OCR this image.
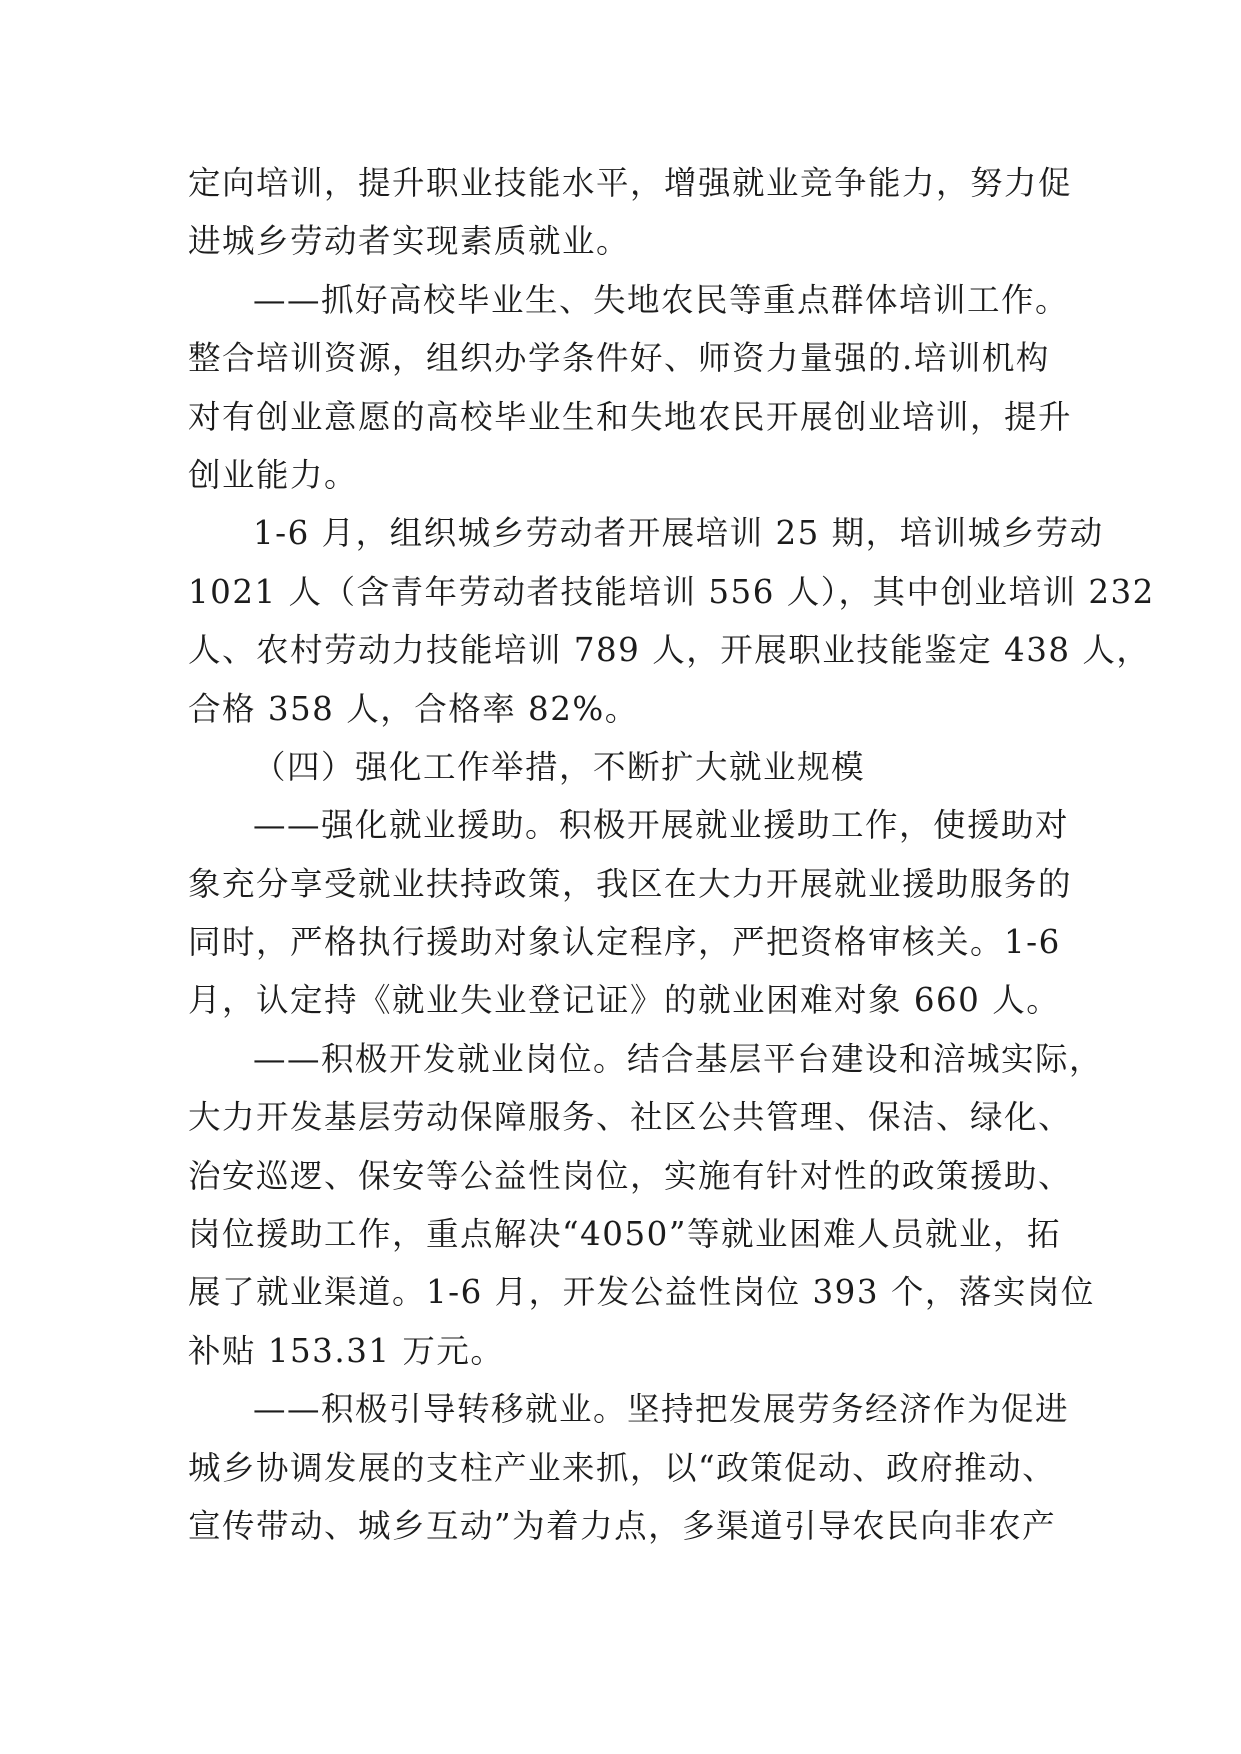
定向培训，提升职业技能水平，增强就业竞争能力，努力促
进城乡劳动者实现素质就业。
——抓好高校毕业生、失地农民等重点群体培训工作。
整合培训资源，组织办学条件好、师资力量强的.培训机构
对有创业意愿的高校毕业生和失地农民开展创业培训，提升
创业能力。
1-6 月，组织城乡劳动者开展培训 25 期，培训城乡劳动
1021 人（含青年劳动者技能培训 556 人），其中创业培训 232
人、农村劳动力技能培训 789 人，开展职业技能鉴定 438 人，
合格 358 人，合格率 82%。
（四）强化工作举措，不断扩大就业规模
——强化就业援助。积极开展就业援助工作，使援助对
象充分享受就业扶持政策，我区在大力开展就业援助服务的
同时，严格执行援助对象认定程序，严把资格审核关。1-6
月，认定持《就业失业登记证》的就业困难对象 660 人。
——积极开发就业岗位。结合基层平台建设和涪城实际，
大力开发基层劳动保障服务、社区公共管理、保洁、绿化、
治安巡逻、保安等公益性岗位，实施有针对性的政策援助、
岗位援助工作，重点解决“4050”等就业困难人员就业，拓
展了就业渠道。1-6 月，开发公益性岗位 393 个，落实岗位
补贴 153.31 万元。
——积极引导转移就业。坚持把发展劳务经济作为促进
城乡协调发展的支柱产业来抓，以“政策促动、政府推动、
宣传带动、城乡互动”为着力点，多渠道引导农民向非农产
